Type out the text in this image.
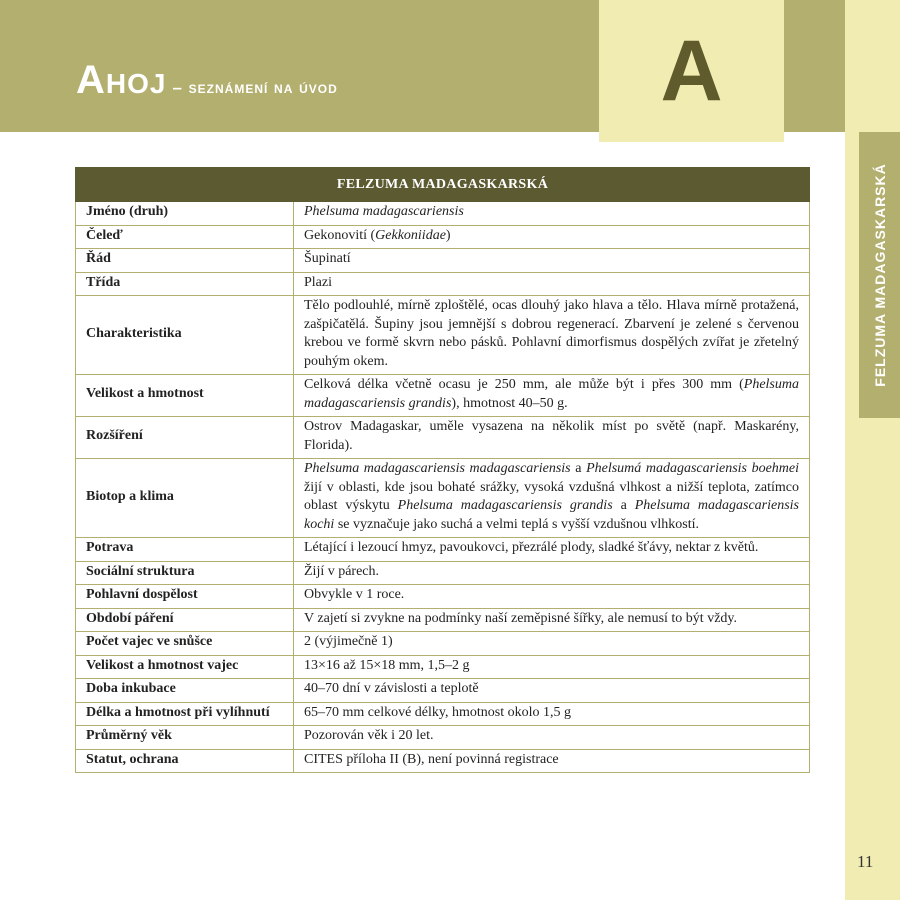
Ahoj – seznámení na úvod	A
FELZUMA MADAGASKARSKÁ
FELZUMA MADAGASKARSKÁ	
Jméno (druh)	Phelsuma madagascariensis
Čeleď	Gekonovití (Gekkoniidae)
Řád	Šupinatí
Třída	Plazi
Charakteristika	Tělo podlouhlé, mírně zploštělé, ocas dlouhý jako hlava a tělo. Hlava mírně protažená, zašpičatělá. Šupiny jsou jemnější s dobrou regenerací. Zbarvení je zelené s červenou krebou ve formě skvrn nebo pásků. Pohlavní dimorfismus dospělých zvířat je zřetelný pouhým okem.
Velikost a hmotnost	Celková délka včetně ocasu je 250 mm, ale může být i přes 300 mm (Phelsuma madagascariensis grandis), hmotnost 40–50 g.
Rozšíření	Ostrov Madagaskar, uměle vysazena na několik míst po světě (např. Maskarény, Florida).
Biotop a klima	Phelsuma madagascariensis madagascariensis a Phelsumá madagascariensis boehmei žijí v oblasti, kde jsou bohaté srážky, vysoká vzdušná vlhkost a nižší teplota, zatímco oblast výskytu Phelsuma madagascariensis grandis a Phelsuma madagascariensis kochi se vyznačuje jako suchá a velmi teplá s vyšší vzdušnou vlhkostí.
Potrava	Létající i lezoucí hmyz, pavoukovci, přezrálé plody, sladké šťávy, nektar z květů.
Sociální struktura	Žijí v párech.
Pohlavní dospělost	Obvykle v 1 roce.
Období páření	V zajetí si zvykne na podmínky naší zeměpisné šířky, ale nemusí to být vždy.
Počet vajec ve snůšce	2 (výjimečně 1)
Velikost a hmotnost vajec	13×16 až 15×18 mm, 1,5–2 g
Doba inkubace	40–70 dní v závislosti a teplotě
Délka a hmotnost při vylíhnutí	65–70 mm celkové délky, hmotnost okolo 1,5 g
Průměrný věk	Pozorován věk i 20 let.
Statut, ochrana	CITES příloha II (B), není povinná registrace
11
